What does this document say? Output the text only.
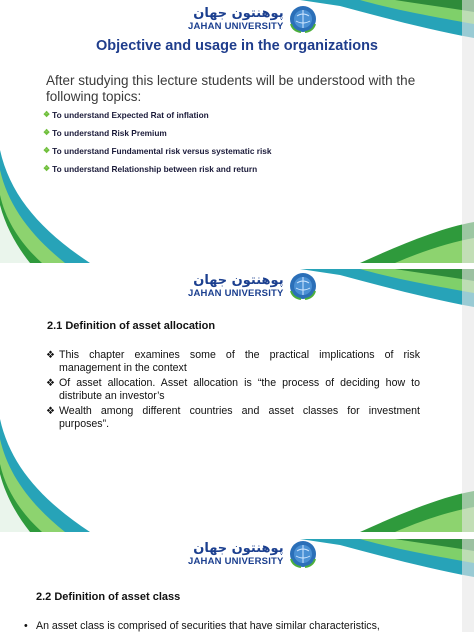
پوهنتون جهان
JAHAN UNIVERSITY
Objective and usage in the organizations
After studying this lecture students will be understood with the following topics:
❖ To understand Expected Rat of inflation
❖ To understand Risk Premium
❖ To understand Fundamental risk versus systematic risk
❖ To understand Relationship between risk and return
پوهنتون جهان
JAHAN UNIVERSITY
2.1 Definition of asset allocation
❖ This chapter examines some of the practical implications of risk management in the context
❖ Of asset allocation. Asset allocation is “the process of deciding how to distribute an investor’s
❖ Wealth among different countries and asset classes for investment purposes”.
پوهنتون جهان
JAHAN UNIVERSITY
2.2 Definition of asset class
• An asset class is comprised of securities that have similar characteristics,
